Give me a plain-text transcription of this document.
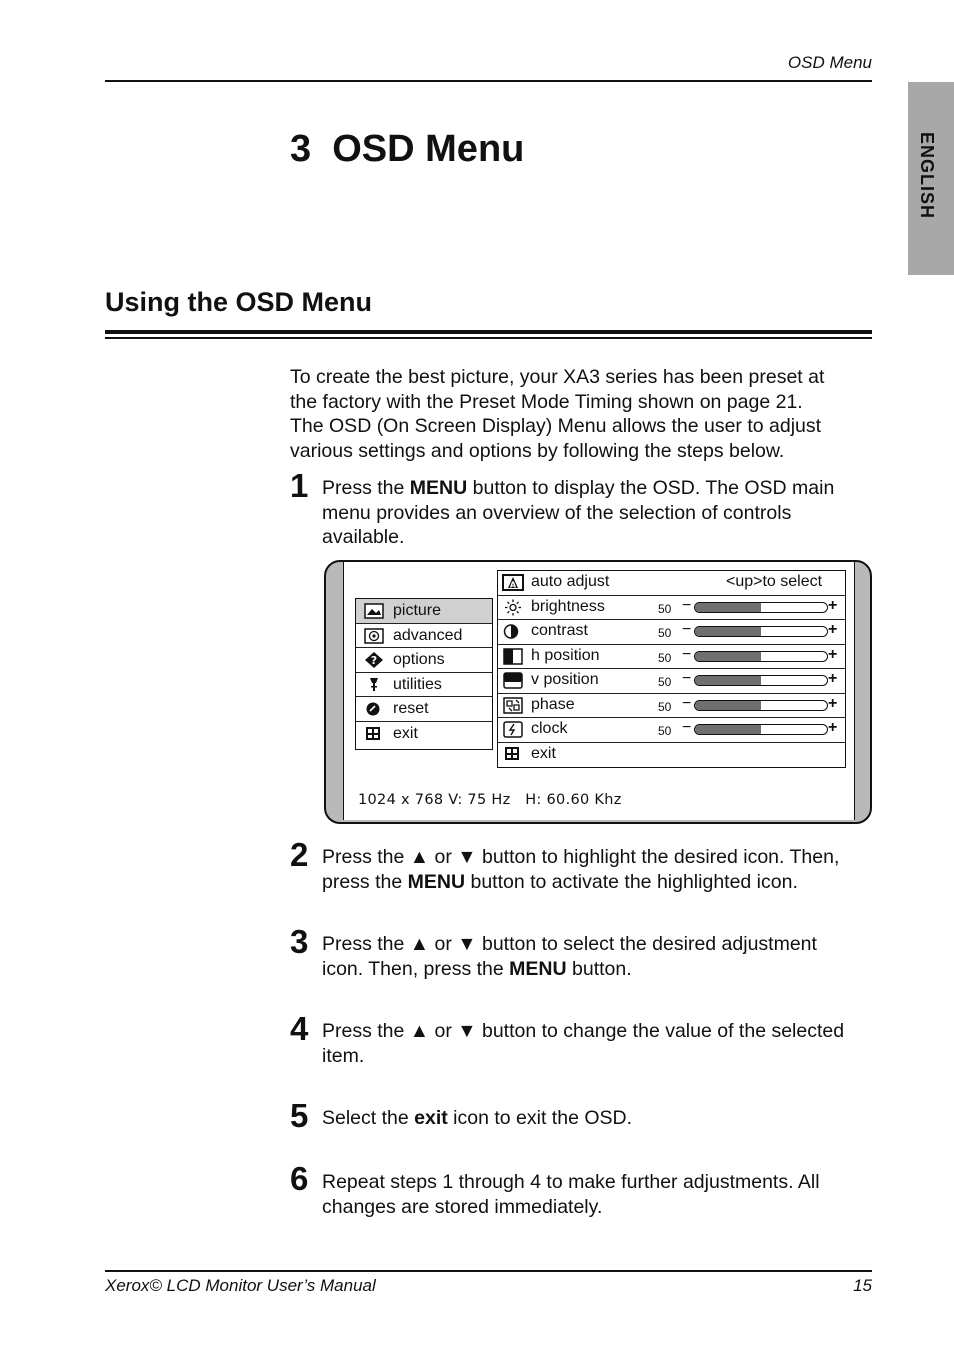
OSD Menu
ENGLISH
3  OSD Menu
Using the OSD Menu
To create the best picture, your XA3 series has been preset at
the factory with the Preset Mode Timing shown on page 21.
The OSD (On Screen Display) Menu allows the user to adjust
various settings and options by following the steps below.
1 Press the MENU button to display the OSD. The OSD main
menu provides an overview of the selection of controls
available.
picture
advanced
? options
utilities
reset
exit
A auto adjust	<up>to select
brightness	50 −	+
contrast	50 −	+
h position	50 −	+
v position	50 −	+
phase	50 −	+
clock	50 −	+
exit
1024 x 768 V: 75 Hz   H: 60.60 Khz
2 Press the ▲ or ▼ button to highlight the desired icon. Then,
press the MENU button to activate the highlighted icon.
3 Press the ▲ or ▼ button to select the desired adjustment
icon. Then, press the MENU button.
4 Press the ▲ or ▼ button to change the value of the selected
item.
5 Select the exit icon to exit the OSD.
6 Repeat steps 1 through 4 to make further adjustments. All
changes are stored immediately.
Xerox© LCD Monitor User’s Manual	15
